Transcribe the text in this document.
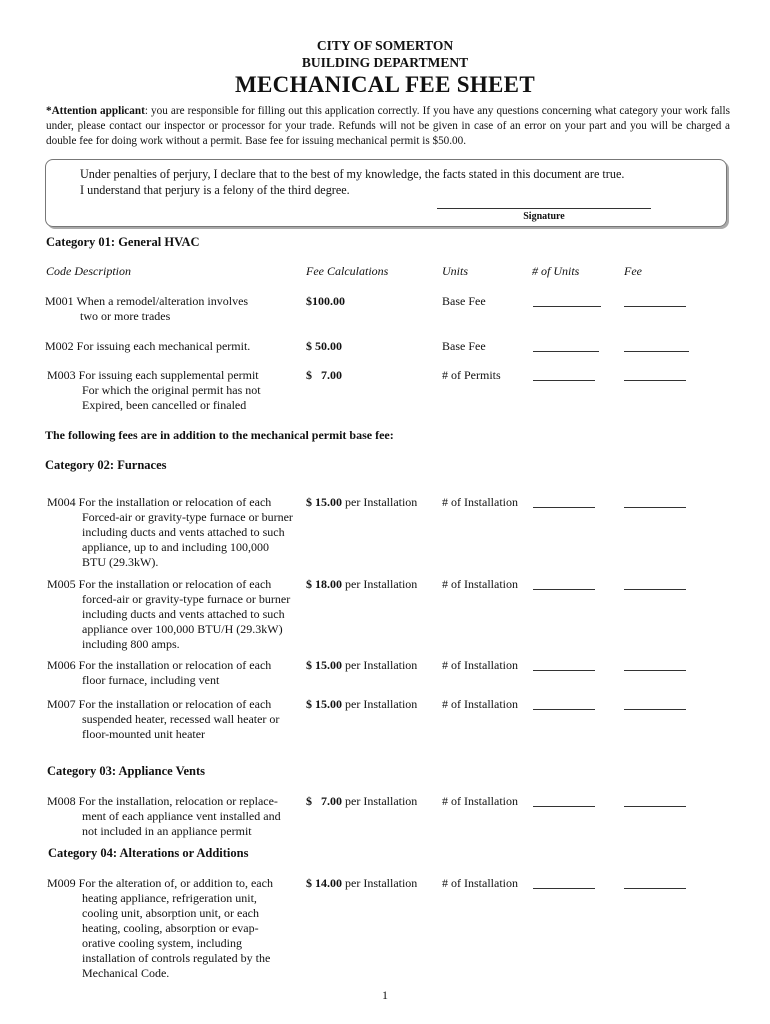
CITY OF SOMERTON
BUILDING DEPARTMENT
MECHANICAL FEE SHEET
*Attention applicant: you are responsible for filling out this application correctly. If you have any questions concerning what category your work falls under, please contact our inspector or processor for your trade. Refunds will not be given in case of an error on your part and you will be charged a double fee for doing work without a permit. Base fee for issuing mechanical permit is $50.00.
Under penalties of perjury, I declare that to the best of my knowledge, the facts stated in this document are true.
I understand that perjury is a felony of the third degree.
Signature
Category 01: General HVAC
Code Description	Fee Calculations	Units	# of Units	Fee
M001 When a remodel/alteration involves
two or more trades
$100.00	Base Fee
M002 For issuing each mechanical permit.	$ 50.00	Base Fee
M003 For issuing each supplemental permit
For which the original permit has not
Expired, been cancelled or finaled
$   7.00	# of Permits
The following fees are in addition to the mechanical permit base fee:
Category 02: Furnaces
M004 For the installation or relocation of each
Forced-air or gravity-type furnace or burner
including ducts and vents attached to such
appliance, up to and including 100,000
BTU (29.3kW).
$ 15.00 per Installation # of Installation
M005 For the installation or relocation of each
forced-air or gravity-type furnace or burner
including ducts and vents attached to such
appliance over 100,000 BTU/H (29.3kW)
including 800 amps.
$ 18.00 per Installation # of Installation
M006 For the installation or relocation of each
floor furnace, including vent
$ 15.00 per Installation # of Installation
M007 For the installation or relocation of each
suspended heater, recessed wall heater or
floor-mounted unit heater
$ 15.00 per Installation # of Installation
Category 03: Appliance Vents
M008 For the installation, relocation or replace-
ment of each appliance vent installed and
not included in an appliance permit
$   7.00 per Installation # of Installation
Category 04: Alterations or Additions
M009 For the alteration of, or addition to, each
heating appliance, refrigeration unit,
cooling unit, absorption unit, or each
heating, cooling, absorption or evap-
orative cooling system, including
installation of controls regulated by the
Mechanical Code.
$ 14.00 per Installation # of Installation
1
